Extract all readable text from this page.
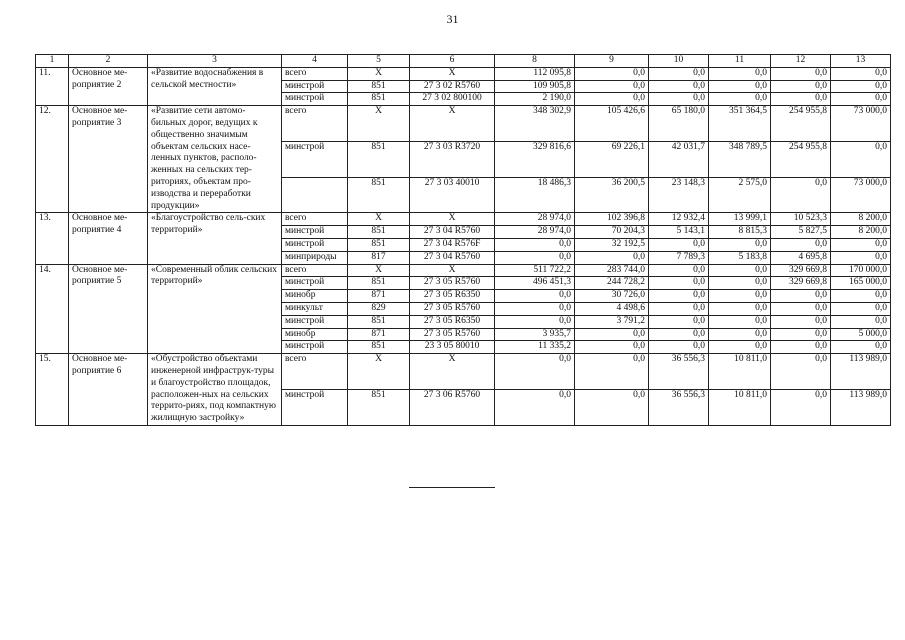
31
1	2	3	4	5	6	8	9	10	11	12	13
11.	Основное ме-роприятие 2	«Развитие водоснабжения в сельской местности»	всего	Х	Х	112 095,8	0,0	0,0	0,0	0,0	0,0
			минстрой	851	27 3 02 R5760	109 905,8	0,0	0,0	0,0	0,0	0,0
			минстрой	851	27 3 02 800100	2 190,0	0,0	0,0	0,0	0,0	0,0
12.	Основное ме-роприятие 3	«Развитие сети автомо-бильных дорог, ведущих к общественно значимым объектам сельских насе-ленных пунктов, располо-женных на сельских тер-риториях, объектам про-изводства и переработки продукции»	всего	Х	Х	348 302,9	105 426,6	65 180,0	351 364,5	254 955,8	73 000,0
			минстрой	851	27 3 03 R3720	329 816,6	69 226,1	42 031,7	348 789,5	254 955,8	0,0
				851	27 3 03 40010	18 486,3	36 200,5	23 148,3	2 575,0	0,0	73 000,0
13.	Основное ме-роприятие 4	«Благоустройство сель-ских территорий»	всего	Х	Х	28 974,0	102 396,8	12 932,4	13 999,1	10 523,3	8 200,0
			минстрой	851	27 3 04 R5760	28 974,0	70 204,3	5 143,1	8 815,3	5 827,5	8 200,0
			минстрой	851	27 3 04 R576F	0,0	32 192,5	0,0	0,0	0,0	0,0
			минприроды	817	27 3 04 R5760	0,0	0,0	7 789,3	5 183,8	4 695,8	0,0
14.	Основное ме-роприятие 5	«Современный облик сельских территорий»	всего	Х	Х	511 722,2	283 744,0	0,0	0,0	329 669,8	170 000,0
			минстрой	851	27 3 05 R5760	496 451,3	244 728,2	0,0	0,0	329 669,8	165 000,0
			минобр	871	27 3 05 R6350	0,0	30 726,0	0,0	0,0	0,0	0,0
			минкульт	829	27 3 05 R5760	0,0	4 498,6	0,0	0,0	0,0	0,0
			минстрой	851	27 3 05 R6350	0,0	3 791,2	0,0	0,0	0,0	0,0
			минобр	871	27 3 05 R5760	3 935,7	0,0	0,0	0,0	0,0	5 000,0
			минстрой	851	23 3 05 80010	11 335,2	0,0	0,0	0,0	0,0	0,0
15.	Основное ме-роприятие 6	«Обустройство объектами инженерной инфраструк-туры и благоустройство площадок, расположен-ных на сельских террито-риях, под компактную жилищную застройку»	всего	Х	Х	0,0	0,0	36 556,3	10 811,0	0,0	113 989,0
			минстрой	851	27 3 06 R5760	0,0	0,0	36 556,3	10 811,0	0,0	113 989,0
